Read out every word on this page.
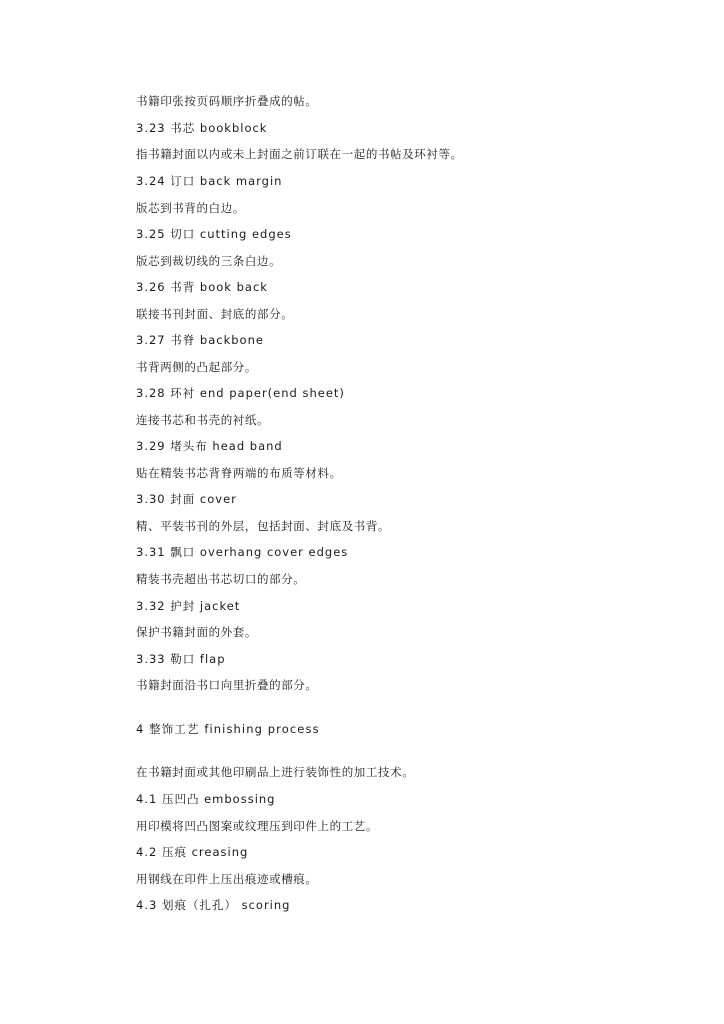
书籍印张按页码顺序折叠成的帖。
3.23 书芯 bookblock
指书籍封面以内或未上封面之前订联在一起的书帖及环衬等。
3.24 订口 back margin
版芯到书背的白边。
3.25 切口 cutting edges
版芯到裁切线的三条白边。
3.26 书背 book back
联接书刊封面、封底的部分。
3.27 书脊 backbone
书背两侧的凸起部分。
3.28 环衬 end paper(end sheet)
连接书芯和书壳的衬纸。
3.29 堵头布 head band
贴在精装书芯背脊两端的布质等材料。
3.30 封面 cover
精、平装书刊的外层，包括封面、封底及书背。
3.31 飘口 overhang cover edges
精装书壳超出书芯切口的部分。
3.32 护封 jacket
保护书籍封面的外套。
3.33 勒口 flap
书籍封面沿书口向里折叠的部分。
4 整饰工艺 finishing process
在书籍封面或其他印刷品上进行装饰性的加工技术。
4.1 压凹凸 embossing
用印模将凹凸图案或纹理压到印件上的工艺。
4.2 压痕 creasing
用钢线在印件上压出痕迹或槽痕。
4.3 划痕（扎孔） scoring
